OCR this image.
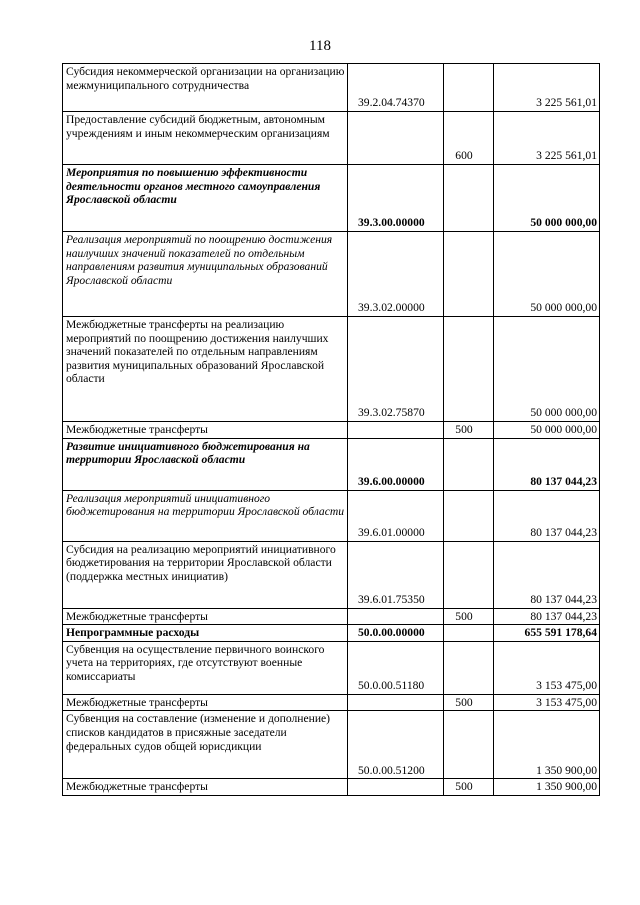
118
Субсидия некоммерческой организации на организацию межмуниципального сотрудничества	39.2.04.74370		3 225 561,01
Предоставление субсидий бюджетным, автономным учреждениям и иным некоммерческим организациям		600	3 225 561,01
Мероприятия по повышению эффективности деятельности органов местного самоуправления Ярославской области	39.3.00.00000		50 000 000,00
Реализация мероприятий по поощрению достижения наилучших значений показателей по отдельным направлениям развития муниципальных образований Ярославской области	39.3.02.00000		50 000 000,00
Межбюджетные трансферты на реализацию мероприятий по поощрению достижения наилучших значений показателей по отдельным направлениям развития муниципальных образований Ярославской области	39.3.02.75870		50 000 000,00
Межбюджетные трансферты		500	50 000 000,00
Развитие инициативного бюджетирования на территории Ярославской области	39.6.00.00000		80 137 044,23
Реализация мероприятий инициативного бюджетирования на территории Ярославской области	39.6.01.00000		80 137 044,23
Субсидия на реализацию мероприятий инициативного бюджетирования на территории Ярославской области (поддержка местных инициатив)	39.6.01.75350		80 137 044,23
Межбюджетные трансферты		500	80 137 044,23
Непрограммные расходы	50.0.00.00000		655 591 178,64
Субвенция на осуществление первичного воинского учета на территориях, где отсутствуют военные комиссариаты	50.0.00.51180		3 153 475,00
Межбюджетные трансферты		500	3 153 475,00
Субвенция на составление (изменение и дополнение) списков кандидатов в присяжные заседатели федеральных судов общей юрисдикции	50.0.00.51200		1 350 900,00
Межбюджетные трансферты		500	1 350 900,00
